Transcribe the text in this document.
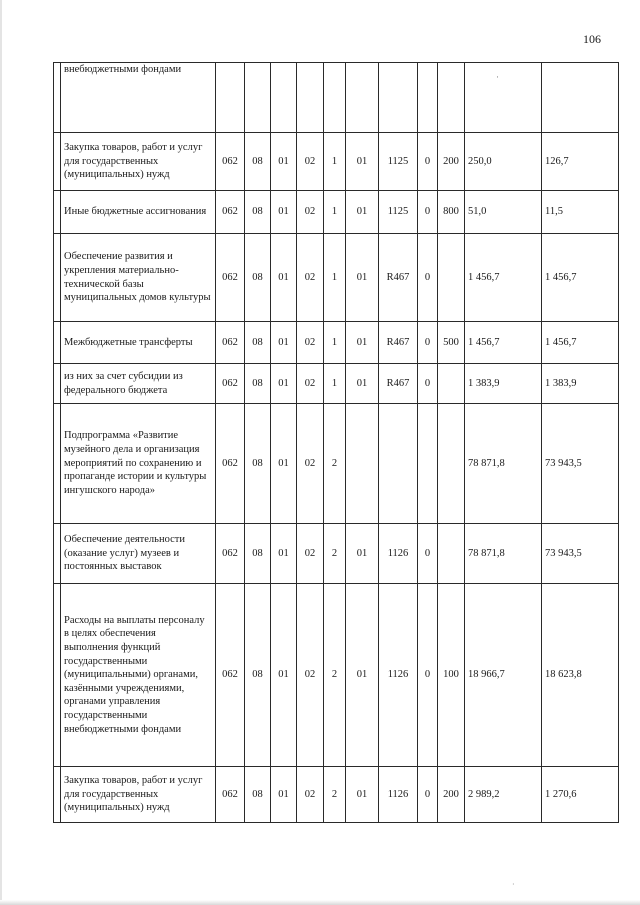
106
·
	внебюджетными фондами											
	Закупка товаров, работ и услуг для государственных (муниципальных) нужд	062	08	01	02	1	01	1125	0	200	250,0	126,7
	Иные бюджетные ассигнования	062	08	01	02	1	01	1125	0	800	51,0	11,5
	Обеспечение развития и укрепления материально-технической базы муниципальных домов культуры	062	08	01	02	1	01	R467	0		1 456,7	1 456,7
	Межбюджетные трансферты	062	08	01	02	1	01	R467	0	500	1 456,7	1 456,7
	из них за счет субсидии из федерального бюджета	062	08	01	02	1	01	R467	0		1 383,9	1 383,9
	Подпрограмма «Развитие музейного дела и организация мероприятий по сохранению и пропаганде истории и культуры ингушского народа»	062	08	01	02	2					78 871,8	73 943,5
	Обеспечение деятельности (оказание услуг) музеев и постоянных выставок	062	08	01	02	2	01	1126	0		78 871,8	73 943,5
	Расходы на выплаты персоналу в целях обеспечения выполнения функций государственными (муниципальными) органами, казёнными учреждениями, органами управления государственными внебюджетными фондами	062	08	01	02	2	01	1126	0	100	18 966,7	18 623,8
	Закупка товаров, работ и услуг для государственных (муниципальных) нужд	062	08	01	02	2	01	1126	0	200	2 989,2	1 270,6
·
